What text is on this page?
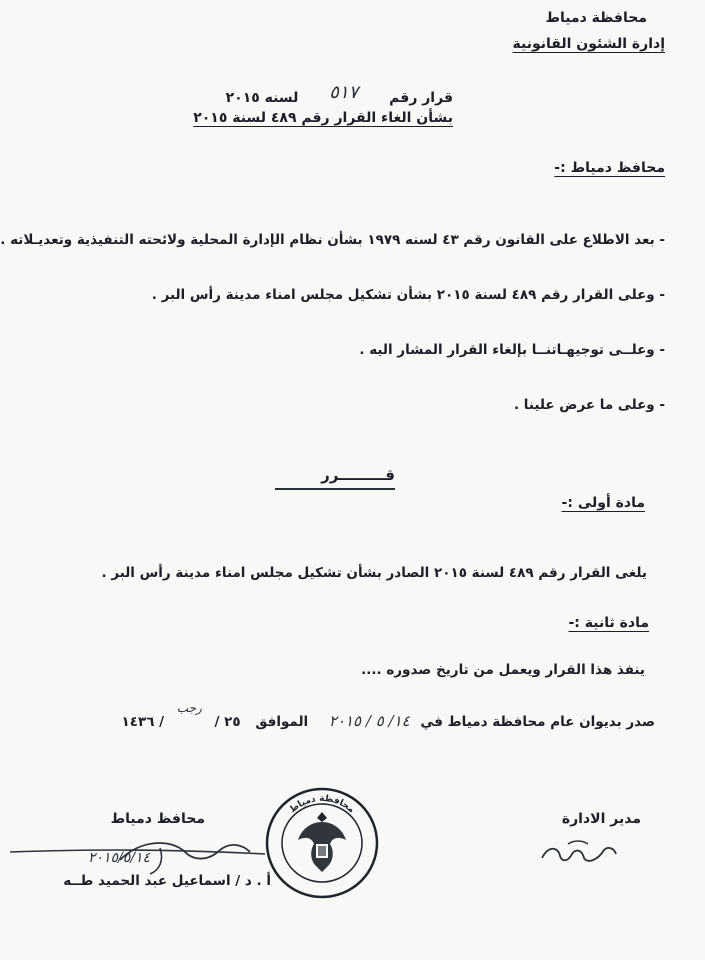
محافظة دمياط
إدارة الشئون القانونية
قرار رقم ٥١٧ لسنه ٢٠١٥
بشأن الغاء القرار رقم ٤٨٩ لسنة ٢٠١٥
محافظ دمياط :-
- بعد الاطلاع على القانون رقم ٤٣ لسنه ١٩٧٩ بشأن نظام الإدارة المحلية ولائحته التنفيذية وتعديـلاته .
- وعلى القرار رقم ٤٨٩ لسنة ٢٠١٥ بشأن تشكيل مجلس امناء مدينة رأس البر .
- وعلــى توجيهـاتنــا بإلغاء القرار المشار اليه .
- وعلى ما عرض علينا .
قـــــــــرر
مادة أولى :-
يلغى القرار رقم ٤٨٩ لسنة ٢٠١٥ الصادر بشأن تشكيل مجلس امناء مدينة رأس البر .
مادة ثانية :-
ينفذ هذا القرار ويعمل من تاريخ صدوره ....
صدر بديوان عام محافظة دمياط في ١٤/ ٥ / ٢٠١٥ الموافق ٢٥ / رجب / ١٤٣٦
محافظ دمياط	مدير الادارة
٢٠١٥/٥/١٤
أ . د / اسماعيل عبد الحميد طــه
محافظة دمياط
